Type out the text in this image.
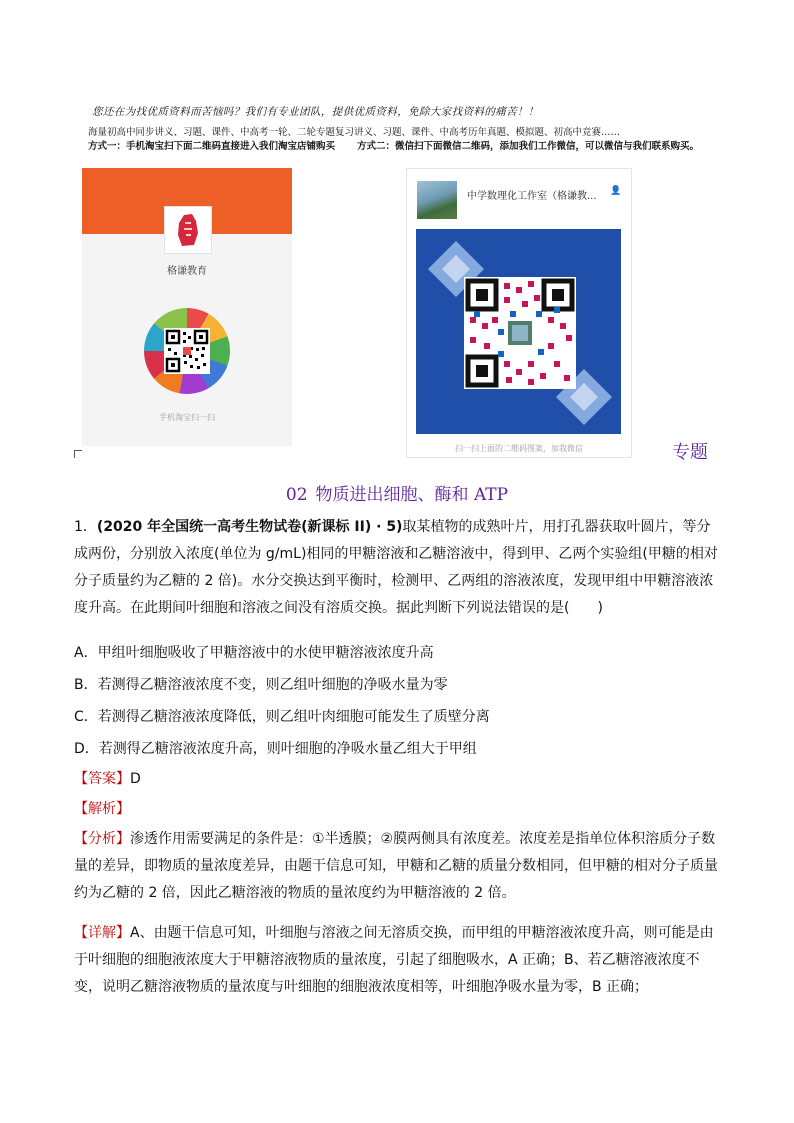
您还在为找优质资料而苦恼吗？我们有专业团队，提供优质资料，免除大家找资料的痛苦！！
海量初高中同步讲义、习题、课件、中高考一轮、二轮专题复习讲义、习题、课件、中高考历年真题、模拟题、初高中竞赛……
方式一：手机淘宝扫下面二维码直接进入我们淘宝店铺购买 方式二：微信扫下面微信二维码，添加我们工作微信，可以微信与我们联系购买。
格谦教育
手机淘宝扫一扫
中学数理化工作室（格谦教... 👤
扫一扫上面的二维码图案，加我微信	专题
02 物质进出细胞、酶和 ATP

1．(2020 年全国统一高考生物试卷(新课标 II) · 5)取某植物的成熟叶片，用打孔器获取叶圆片，等分成两份，分别放入浓度(单位为 g/mL)相同的甲糖溶液和乙糖溶液中，得到甲、乙两个实验组(甲糖的相对分子质量约为乙糖的 2 倍)。水分交换达到平衡时，检测甲、乙两组的溶液浓度，发现甲组中甲糖溶液浓度升高。在此期间叶细胞和溶液之间没有溶质交换。据此判断下列说法错误的是(　　)

A．甲组叶细胞吸收了甲糖溶液中的水使甲糖溶液浓度升高

B．若测得乙糖溶液浓度不变，则乙组叶细胞的净吸水量为零

C．若测得乙糖溶液浓度降低，则乙组叶肉细胞可能发生了质壁分离

D．若测得乙糖溶液浓度升高，则叶细胞的净吸水量乙组大于甲组

【答案】D

【解析】

【分析】渗透作用需要满足的条件是：①半透膜；②膜两侧具有浓度差。浓度差是指单位体积溶质分子数量的差异，即物质的量浓度差异，由题干信息可知，甲糖和乙糖的质量分数相同，但甲糖的相对分子质量约为乙糖的 2 倍，因此乙糖溶液的物质的量浓度约为甲糖溶液的 2 倍。

【详解】A、由题干信息可知，叶细胞与溶液之间无溶质交换，而甲组的甲糖溶液浓度升高，则可能是由于叶细胞的细胞液浓度大于甲糖溶液物质的量浓度，引起了细胞吸水，A 正确；B、若乙糖溶液浓度不变，说明乙糖溶液物质的量浓度与叶细胞的细胞液浓度相等，叶细胞净吸水量为零，B 正确；
